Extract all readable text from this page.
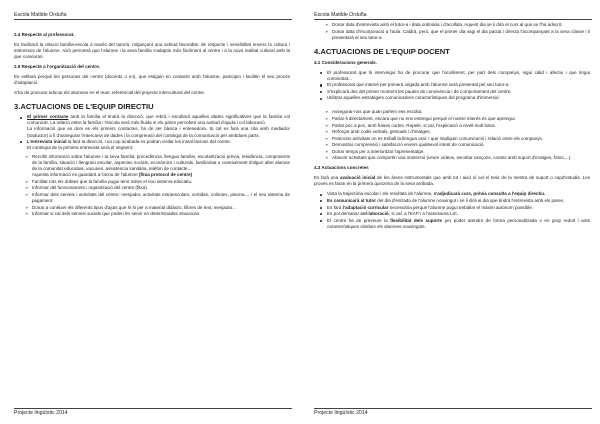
Escola Matilde Orduña
2.4 Respecte al professorat.

Es facilitarà la relació família-escola a través del tutor/a, mitjançant una actitud favorable, de respecte i sensibilitat envers la cultura i interessos de l'alumne. Això permetrà que l'alumne i la seva família s'adaptin més fàcilment al centre i a la nova realitat cultural amb la que conviuran.

2.5 Respecte a l'organització del centre.

Es vetllarà perquè les persones del centre (docents o no), que estiguin en contacte amb l'alumne, participin i facilitin el seu procés d'adaptació.

S'ha de procurar educar els alumnes en el marc referencial del projecte intercultural del centre.

3.ACTUACIONS DE L'EQUIP DIRECTIU
El primer contacte amb la família el tindrà la direcció, que rebrà i escoltarà aquelles dades significatives que la família vol comunicar. La relació entre la família i l'escola serà més fluida si els pares perceben una actitud d'ajuda i col·laboració.
La informació que es doni en els primers contactes, ha de ser bàsica i entenedora. Si cal es farà una cita amb mediador (traductor) a fi d'assegurar l'intercanvi de dades i la comprensió del contingut de la comunicació per ambdues parts.
L'entrevista inicial la farà la direcció, i un cop acabada es podran visitar les instal·lacions del centre.
El contingut de la primera entrevista serà el següent:
➢ Recollir informació sobre l'alumne i la seva família: procedència, llengua familiar, escolarització prèvia, residència, components de la família, situació i llengüeu escolar, aspectes socials, econòmics i culturals, familiaritat o coneixement d'algun altre alumne de la comunitat educativa, vacunes, assistència sanitària, telèfon de contacte...
Aquesta informació es guardarà a l'arxiu de l'alumne (fitxa protocol de centre)
➢ Facilitar tots els dubtes que la família pugui tenir sobre el nou sistema educatiu.
➢ Informar del funcionament i organització del centre (fitxa).
➢ Informar dels serveis i activitats del centre: menjador, activitats extraescolars, sortides, colònies, piscina..., i el seu sistema de pagament.
➢ Donar a conèixer els diferents tipus d'ajuts que hi hi per a material didàctic, llibres de text, menjador...
➢ Informar si cal dels serveis socials que poden fer servir en determinades situacions.
Projecte lingüístic 2014
Escola Matilde Orduña
➢ Donar data d'entrevista amb el tutor-a i data ordinària i d'acollida. Aquest dia se li dirà el curs al que se l'ha adscrit.
➢ Donar data d'incorporació a l'aula. Caldrà, però, que el primer dia vagi el dia pactat i directa l'acompanyant a la seva classe i li presentarà el seu tutor-a.
4.ACTUACIONS DE L'EQUIP DOCENT
4.1 Consideracions generals.
El professorat que hi intervingui ha de procurar que l'acolliment, per part dels companys, sigui càlid i afectiu i que tingui continuïtat...
El professorat que intervé per primera vegada amb l'alumne serà presentat pel seu tutor-a.
S'explicarà des del primer moment les pautes de convivència i de comportament del centre.
Utilitzar aquelles estratègies comunicatives característiques del programa d'immersió:
➢ Assegurar-nos que quan parlem ens escolta.
➢ Parlar-li directament, encara que no ens entengui perquè el nostre interès és que aprengui.
➢ Parlar poc a poc, amb frases curtes. Repetir, si cal, l'explicació a nivell molt bàsic.
➢ Reforçar amb codis verbals, gestuals i d'imatges.
➢ Potenciar activitats on es treball la llengua oral. I que impliquin comunicació i relació entre els companys.
➢ Demostrar comprensió i satisfacció envers qualsevol intent de comunicació.
➢ Donar temps per a interioritzar l'aprenentatge.
➢ Afavorir activitats que comportin una immersió (veure vídeos, escoltar cançons, contes amb suport d'imatges, fotos,...).
4.3 Actuacions concretes

Es farà una avaluació inicial de les àrees instrumentals que amb tot i això sí cal el tenir de la mestra de suport o capd'estudis. Les proves es faran en la primera quinzena de la seva arribada.

Vista la trajectòria escolar i els resultats de l'alumne, s'adjudicarà curs, prèvia consulta a l'equip directiu.
Es comunicarà al tutor del dia d'entrada de l'alumne nouvingut i se li dirà el dia que tindrà l'entrevista amb els pares.
Es farà l'adaptació curricular necessària perquè l'alumne pugui treballar el màxim autònom possible.
Es pot demanar col·laboració, si cal, a l'EAP i a l'assessora LIC.
El centre ha de preveure la flexibilitat dels suports per poder atendre de forma personalitzada o en grup reduït i amb característiques similars els alumnes nouvinguts.
Projecte lingüístic 2014
